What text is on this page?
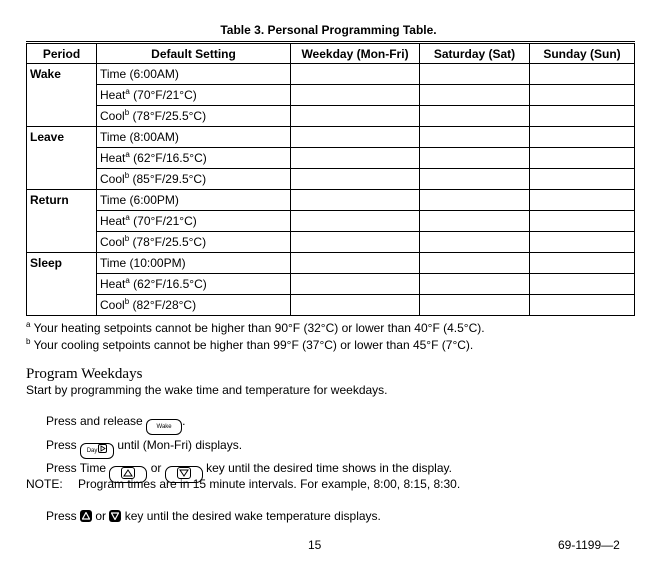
Table 3. Personal Programming Table.
Period	Default Setting	Weekday (Mon-Fri)	Saturday (Sat)	Sunday (Sun)
Wake	Time (6:00AM)			
	Heat$^a$ (70°F/21°C)			
	Cool$^b$ (78°F/25.5°C)			
Leave	Time (8:00AM)			
	Heat$^a$ (62°F/16.5°C)			
	Cool$^b$ (85°F/29.5°C)			
Return	Time (6:00PM)			
	Heat$^a$ (70°F/21°C)			
	Cool$^b$ (78°F/25.5°C)			
Sleep	Time (10:00PM)			
	Heat$^a$ (62°F/16.5°C)			
	Cool$^b$ (82°F/28°C)			
$^a$ Your heating setpoints cannot be higher than 90°F (32°C) or lower than 40°F (4.5°C).
$^b$ Your cooling setpoints cannot be higher than 99°F (37°C) or lower than 45°F (7°C).
Program Weekdays
Start by programming the wake time and temperature for weekdays.
Press and release Wake .
Press Day until (Mon-Fri) displays.
Press Time	or	key until the desired time shows in the display.
NOTE: Program times are in 15 minute intervals. For example, 8:00, 8:15, 8:30.
Press or key until the desired wake temperature displays.
15	69-1199—2
